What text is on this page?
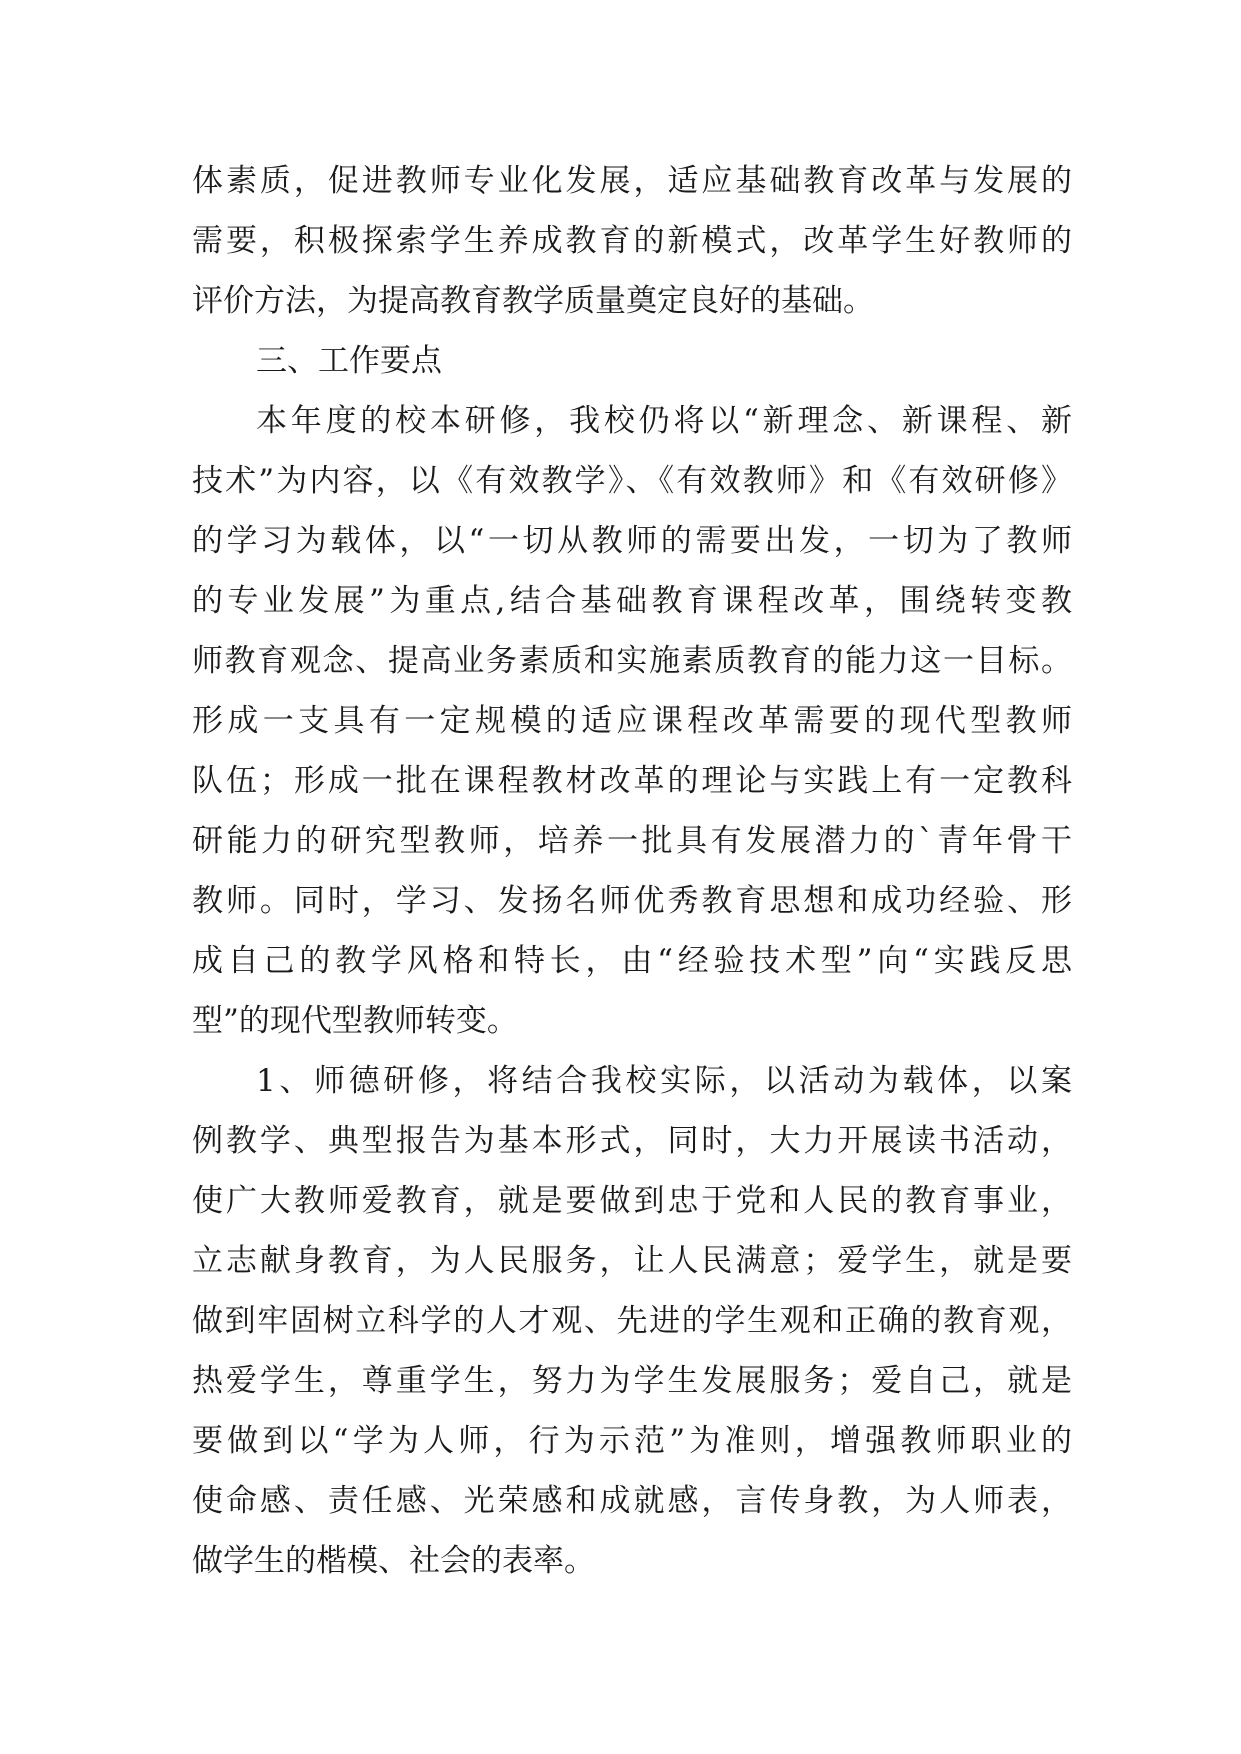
体素质，促进教师专业化发展，适应基础教育改革与发展的
需要，积极探索学生养成教育的新模式，改革学生好教师的
评价方法，为提高教育教学质量奠定良好的基础。
三、工作要点
本年度的校本研修，我校仍将以“新理念、新课程、新
技术”为内容，以《有效教学》、《有效教师》和《有效研修》
的学习为载体，以“一切从教师的需要出发，一切为了教师
的专业发展”为重点,结合基础教育课程改革，围绕转变教
师教育观念、提高业务素质和实施素质教育的能力这一目标。
形成一支具有一定规模的适应课程改革需要的现代型教师
队伍；形成一批在课程教材改革的理论与实践上有一定教科
研能力的研究型教师，培养一批具有发展潜力的`青年骨干
教师。同时，学习、发扬名师优秀教育思想和成功经验、形
成自己的教学风格和特长，由“经验技术型”向“实践反思
型”的现代型教师转变。
1、师德研修，将结合我校实际，以活动为载体，以案
例教学、典型报告为基本形式，同时，大力开展读书活动，
使广大教师爱教育，就是要做到忠于党和人民的教育事业，
立志献身教育，为人民服务，让人民满意；爱学生，就是要
做到牢固树立科学的人才观、先进的学生观和正确的教育观，
热爱学生，尊重学生，努力为学生发展服务；爱自己，就是
要做到以“学为人师，行为示范”为准则，增强教师职业的
使命感、责任感、光荣感和成就感，言传身教，为人师表，
做学生的楷模、社会的表率。
